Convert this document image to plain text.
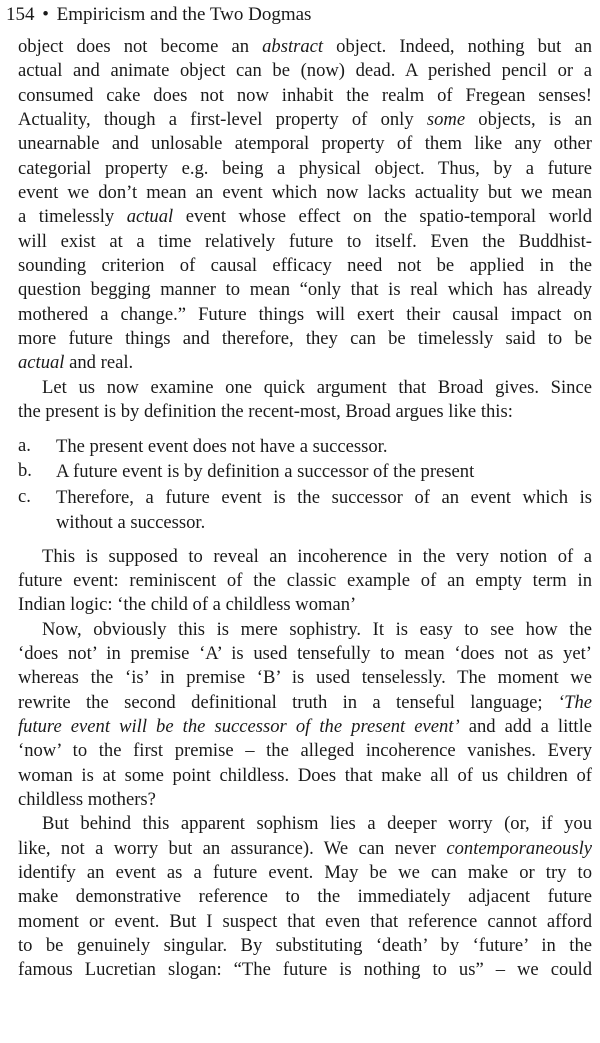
154 • Empiricism and the Two Dogmas
object does not become an abstract object. Indeed, nothing but an
actual and animate object can be (now) dead. A perished pencil or a
consumed cake does not now inhabit the realm of Fregean senses!
Actuality, though a first-level property of only some objects, is an
unearnable and unlosable atemporal property of them like any other
categorial property e.g. being a physical object. Thus, by a future
event we don’t mean an event which now lacks actuality but we mean
a timelessly actual event whose effect on the spatio-temporal world
will exist at a time relatively future to itself. Even the Buddhist-
sounding criterion of causal efficacy need not be applied in the
question begging manner to mean “only that is real which has already
mothered a change.” Future things will exert their causal impact on
more future things and therefore, they can be timelessly said to be
actual and real.
Let us now examine one quick argument that Broad gives. Since
the present is by definition the recent-most, Broad argues like this:
a.	The present event does not have a successor.
b.	A future event is by definition a successor of the present
c.	Therefore, a future event is the successor of an event which is
without a successor.
This is supposed to reveal an incoherence in the very notion of a
future event: reminiscent of the classic example of an empty term in
Indian logic: ‘the child of a childless woman’
Now, obviously this is mere sophistry. It is easy to see how the
‘does not’ in premise ‘A’ is used tensefully to mean ‘does not as yet’
whereas the ‘is’ in premise ‘B’ is used tenselessly. The moment we
rewrite the second definitional truth in a tenseful language; ‘The
future event will be the successor of the present event’ and add a little
‘now’ to the first premise – the alleged incoherence vanishes. Every
woman is at some point childless. Does that make all of us children of
childless mothers?
But behind this apparent sophism lies a deeper worry (or, if you
like, not a worry but an assurance). We can never contemporaneously
identify an event as a future event. May be we can make or try to
make demonstrative reference to the immediately adjacent future
moment or event. But I suspect that even that reference cannot afford
to be genuinely singular. By substituting ‘death’ by ‘future’ in the
famous Lucretian slogan: “The future is nothing to us” – we could
